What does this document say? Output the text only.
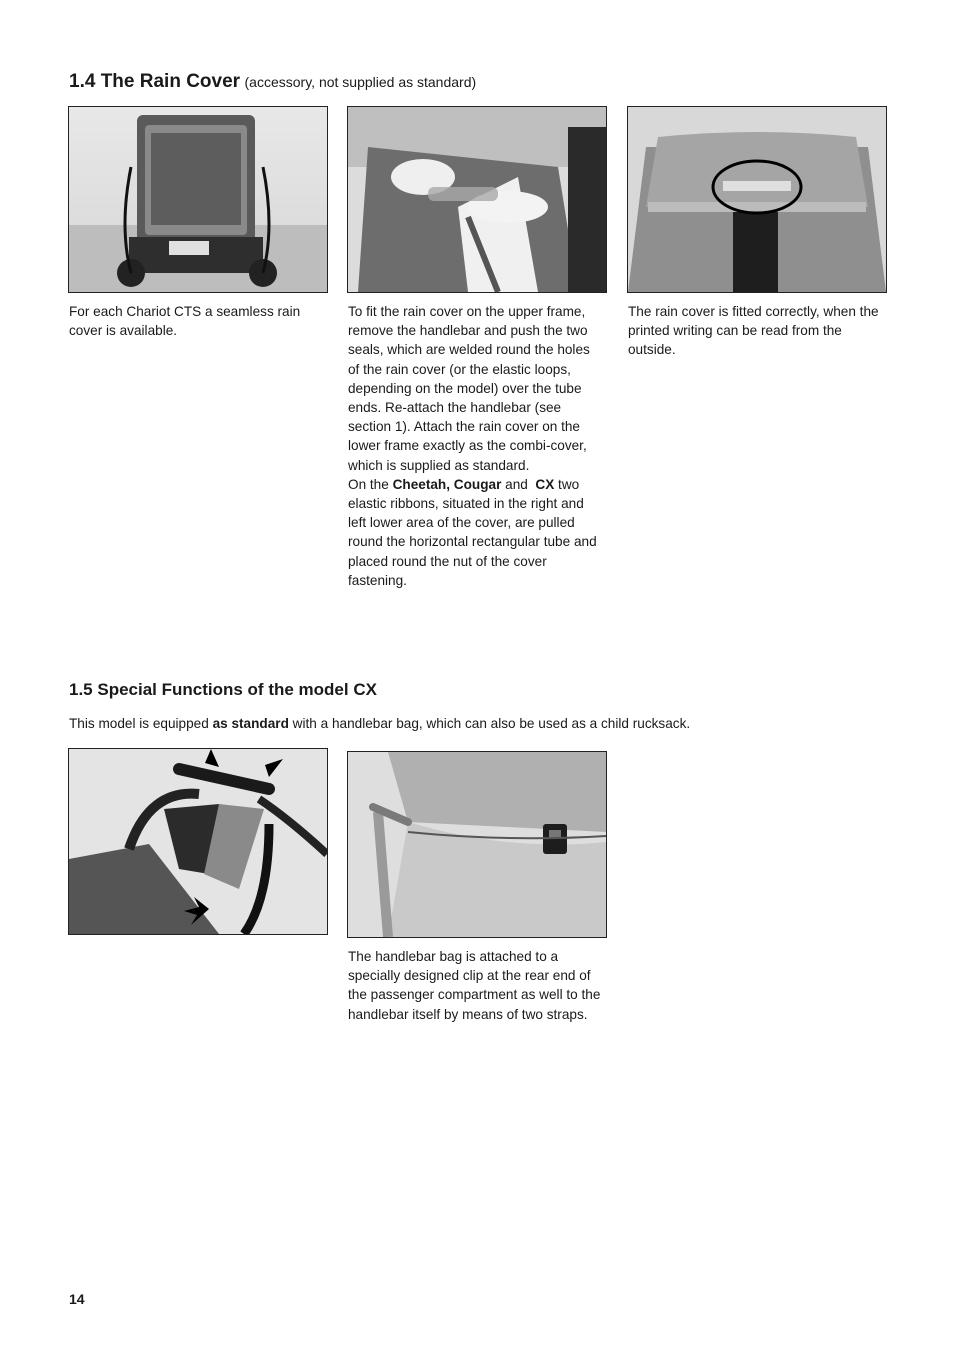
1.4 The Rain Cover (accessory, not supplied as standard)
For each Chariot CTS a seamless rain cover is available.
To fit the rain cover on the upper frame, remove the handlebar and push the two seals, which are welded round the holes of the rain cover (or the elastic loops, depending on the model) over the tube ends. Re-attach the handlebar (see section 1). Attach the rain cover on the lower frame exactly as the combi-cover, which is supplied as standard.
On the Cheetah, Cougar and  CX two elastic ribbons, situated in the right and left lower area of the cover, are pulled round the horizontal rectangular tube and placed round the nut of the cover fastening.
The rain cover is fitted correctly, when the printed writing can be read from the outside.
1.5 Special Functions of the model CX
This model is equipped as standard with a handlebar bag, which can also be used as a child rucksack.
The handlebar bag is attached to a specially designed clip at the rear end of the passenger compartment as well to the handlebar itself by means of two straps.
14
